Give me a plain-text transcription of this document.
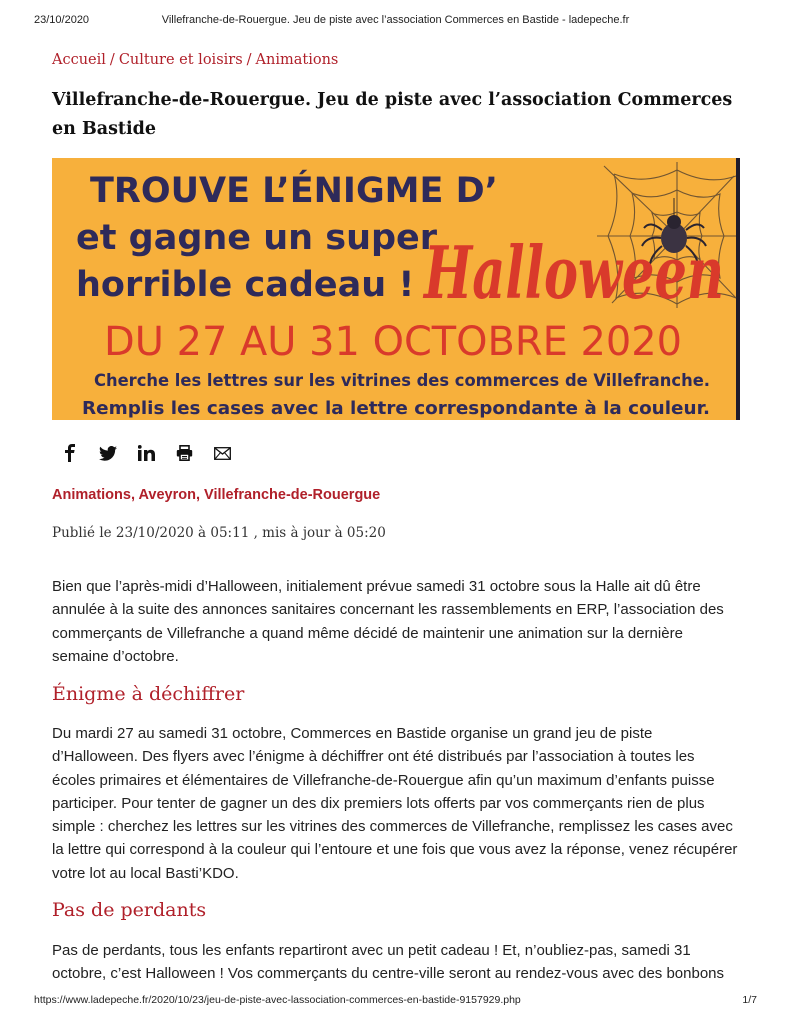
23/10/2020	Villefranche-de-Rouergue. Jeu de piste avec l’association Commerces en Bastide - ladepeche.fr
Accueil / Culture et loisirs / Animations
Villefranche-de-Rouergue. Jeu de piste avec l’association Commerces en Bastide
TROUVE L’ÉNIGME D’
et gagne un super
horrible cadeau ! Halloween
DU 27 AU 31 OCTOBRE 2020
Cherche les lettres sur les vitrines des commerces de Villefranche.
Remplis les cases avec la lettre correspondante à la couleur.
Animations, Aveyron, Villefranche-de-Rouergue
Publié le 23/10/2020 à 05:11 , mis à jour à 05:20

Bien que l’après-midi d’Halloween, initialement prévue samedi 31 octobre sous la Halle ait dû être annulée à la suite des annonces sanitaires concernant les rassemblements en ERP, l’association des commerçants de Villefranche a quand même décidé de maintenir une animation sur la dernière semaine d’octobre.

Énigme à déchiffrer

Du mardi 27 au samedi 31 octobre, Commerces en Bastide organise un grand jeu de piste d’Halloween. Des flyers avec l’énigme à déchiffrer ont été distribués par l’association à toutes les écoles primaires et élémentaires de Villefranche-de-Rouergue afin qu’un maximum d’enfants puisse participer. Pour tenter de gagner un des dix premiers lots offerts par vos commerçants rien de plus simple : cherchez les lettres sur les vitrines des commerces de Villefranche, remplissez les cases avec la lettre qui correspond à la couleur qui l’entoure et une fois que vous avez la réponse, venez récupérer votre lot au local Basti’KDO.

Pas de perdants

Pas de perdants, tous les enfants repartiront avec un petit cadeau ! Et, n’oubliez-pas, samedi 31 octobre, c’est Halloween ! Vos commerçants du centre-ville seront au rendez-vous avec des bonbons

https://www.ladepeche.fr/2020/10/23/jeu-de-piste-avec-lassociation-commerces-en-bastide-9157929.php	1/7
